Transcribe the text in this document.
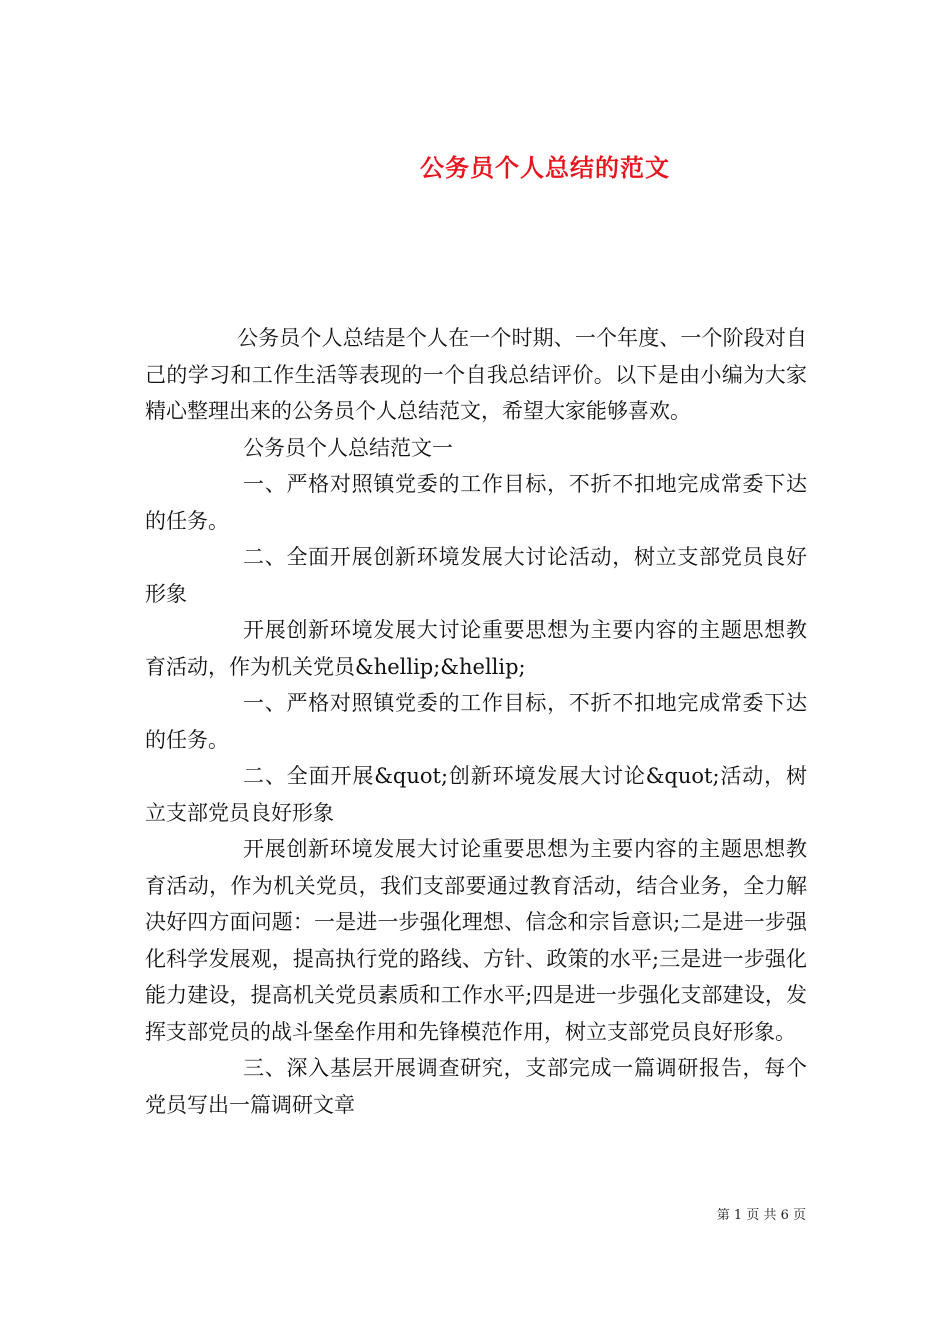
公务员个人总结的范文

公务员个人总结是个人在一个时期、一个年度、一个阶段对自己的学习和工作生活等表现的一个自我总结评价。以下是由小编为大家精心整理出来的公务员个人总结范文，希望大家能够喜欢。

公务员个人总结范文一

一、严格对照镇党委的工作目标，不折不扣地完成常委下达的任务。

二、全面开展创新环境发展大讨论活动，树立支部党员良好形象

开展创新环境发展大讨论重要思想为主要内容的主题思想教育活动，作为机关党员&hellip;&hellip;

一、严格对照镇党委的工作目标，不折不扣地完成常委下达的任务。

二、全面开展&quot;创新环境发展大讨论&quot;活动，树立支部党员良好形象

开展创新环境发展大讨论重要思想为主要内容的主题思想教育活动，作为机关党员，我们支部要通过教育活动，结合业务，全力解决好四方面问题：一是进一步强化理想、信念和宗旨意识;二是进一步强化科学发展观，提高执行党的路线、方针、政策的水平;三是进一步强化能力建设，提高机关党员素质和工作水平;四是进一步强化支部建设，发挥支部党员的战斗堡垒作用和先锋模范作用，树立支部党员良好形象。

三、深入基层开展调查研究，支部完成一篇调研报告，每个党员写出一篇调研文章

第 1 页 共 6 页
